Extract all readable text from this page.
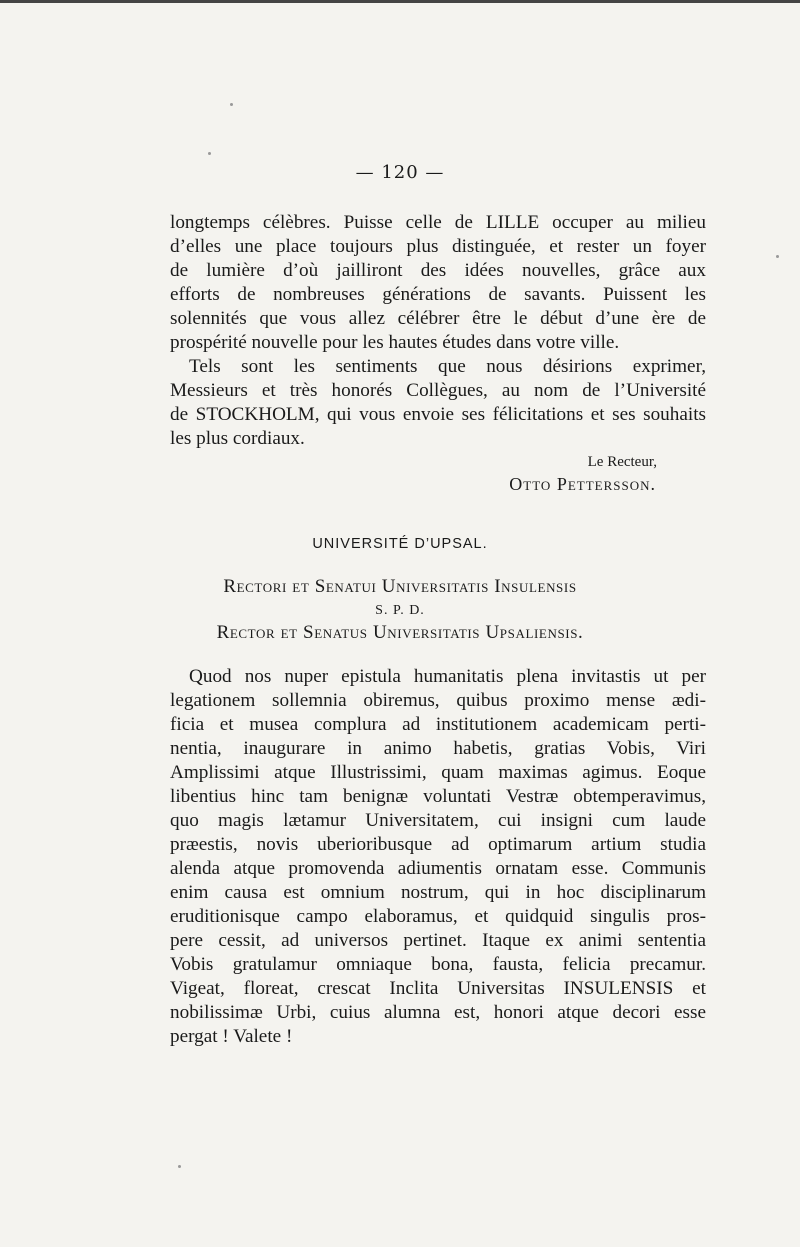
— 120 —
longtemps célèbres. Puisse celle de LILLE occuper au milieu
d’elles une place toujours plus distinguée, et rester un foyer
de lumière d’où jailliront des idées nouvelles, grâce aux
efforts de nombreuses générations de savants. Puissent les
solennités que vous allez célébrer être le début d’une ère de
prospérité nouvelle pour les hautes études dans votre ville.
Tels sont les sentiments que nous désirions exprimer,
Messieurs et très honorés Collègues, au nom de l’Université
de STOCKHOLM, qui vous envoie ses félicitations et ses souhaits
les plus cordiaux.
Le Recteur,
Otto Pettersson.
UNIVERSITÉ D’UPSAL.
Rectori et Senatui Universitatis Insulensis
S. P. D.
Rector et Senatus Universitatis Upsaliensis.
Quod nos nuper epistula humanitatis plena invitastis ut per
legationem sollemnia obiremus, quibus proximo mense ædi-
ficia et musea complura ad institutionem academicam perti-
nentia, inaugurare in animo habetis, gratias Vobis, Viri
Amplissimi atque Illustrissimi, quam maximas agimus. Eoque
libentius hinc tam benignæ voluntati Vestræ obtemperavimus,
quo magis lætamur Universitatem, cui insigni cum laude
præestis, novis uberioribusque ad optimarum artium studia
alenda atque promovenda adiumentis ornatam esse. Communis
enim causa est omnium nostrum, qui in hoc disciplinarum
eruditionisque campo elaboramus, et quidquid singulis pros-
pere cessit, ad universos pertinet. Itaque ex animi sententia
Vobis gratulamur omniaque bona, fausta, felicia precamur.
Vigeat, floreat, crescat Inclita Universitas INSULENSIS et
nobilissimæ Urbi, cuius alumna est, honori atque decori esse
pergat ! Valete !
